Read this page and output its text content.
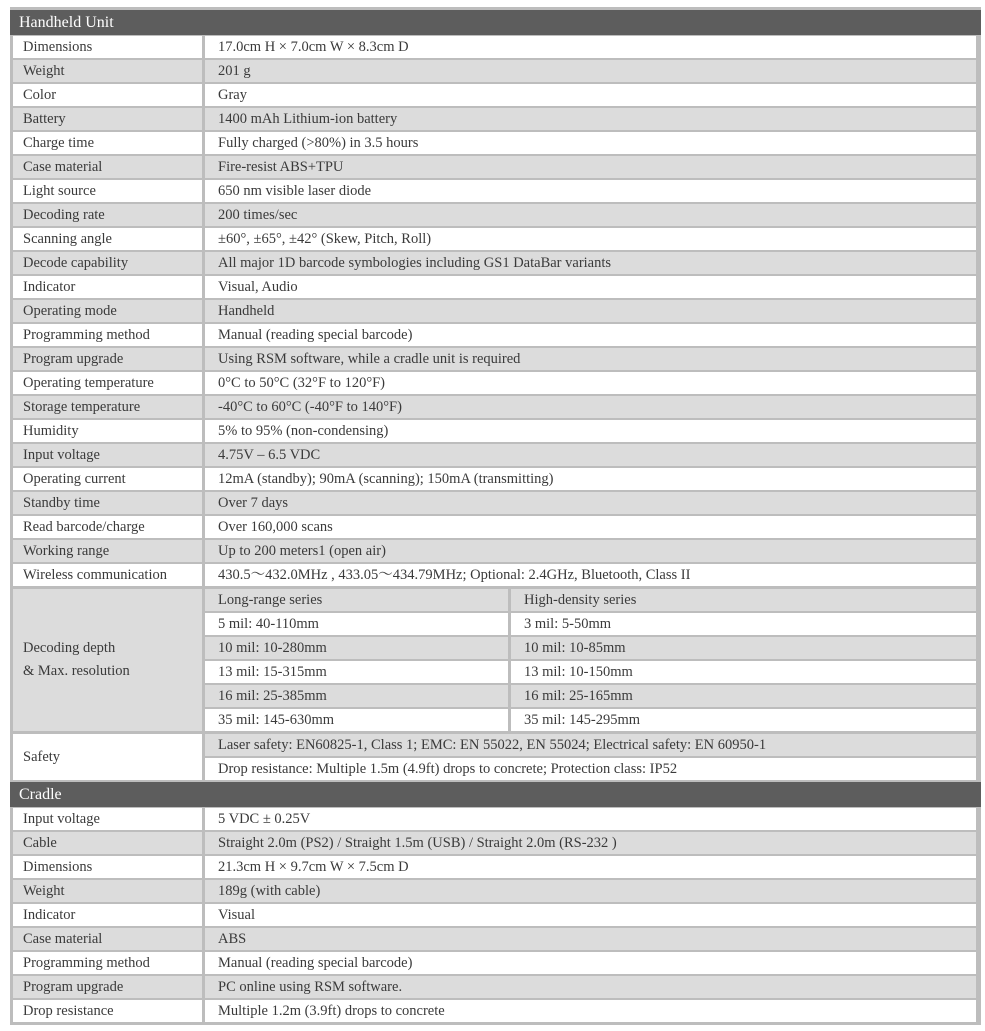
Handheld Unit
Dimensions	17.0cm H × 7.0cm W × 8.3cm D
Weight	201 g
Color	Gray
Battery	1400 mAh Lithium-ion battery
Charge time	Fully charged (>80%) in 3.5 hours
Case material	Fire-resist ABS+TPU
Light source	650 nm visible laser diode
Decoding rate	200 times/sec
Scanning angle	±60°, ±65°, ±42° (Skew, Pitch, Roll)
Decode capability	All major 1D barcode symbologies including GS1 DataBar variants
Indicator	Visual, Audio
Operating mode	Handheld
Programming method	Manual (reading special barcode)
Program upgrade	Using RSM software, while a cradle unit is required
Operating temperature	0°C to 50°C (32°F to 120°F)
Storage temperature	-40°C to 60°C (-40°F to 140°F)
Humidity	5% to 95% (non-condensing)
Input voltage	4.75V – 6.5 VDC
Operating current	12mA (standby); 90mA (scanning); 150mA (transmitting)
Standby time	Over 7 days
Read barcode/charge	Over 160,000 scans
Working range	Up to 200 meters1 (open air)
Wireless communication	430.5～432.0MHz , 433.05～434.79MHz; Optional: 2.4GHz, Bluetooth, Class II
Decoding depth
& Max. resolution
Long-range series	High-density series
5 mil: 40-110mm	3 mil: 5-50mm
10 mil: 10-280mm	10 mil: 10-85mm
13 mil: 15-315mm	13 mil: 10-150mm
16 mil: 25-385mm	16 mil: 25-165mm
35 mil: 145-630mm	35 mil: 145-295mm
Safety
Laser safety: EN60825-1, Class 1; EMC: EN 55022, EN 55024; Electrical safety: EN 60950-1
Drop resistance: Multiple 1.5m (4.9ft) drops to concrete; Protection class: IP52
Cradle
Input voltage	5 VDC ± 0.25V
Cable	Straight 2.0m (PS2) / Straight 1.5m (USB) / Straight 2.0m (RS-232 )
Dimensions	21.3cm H × 9.7cm W × 7.5cm D
Weight	189g (with cable)
Indicator	Visual
Case material	ABS
Programming method	Manual (reading special barcode)
Program upgrade	PC online using RSM software.
Drop resistance	Multiple 1.2m (3.9ft) drops to concrete
